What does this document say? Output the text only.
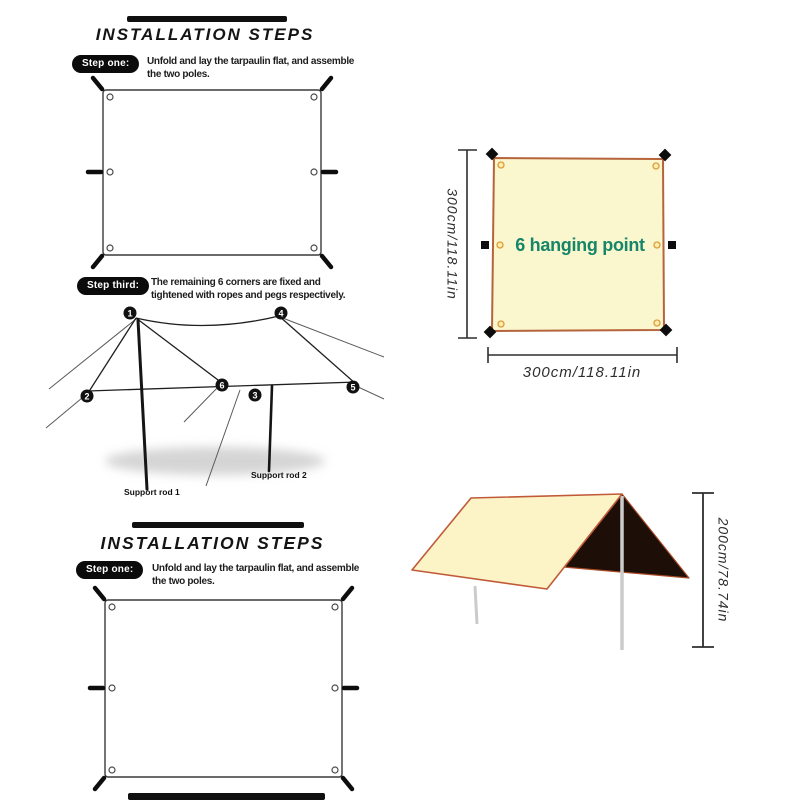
1
2	3
4
5
6
Support rod 1
Support rod 2
6 hanging point
300cm/118.11in
300cm/118.11in
200cm/78.74in
INSTALLATION STEPS
Step one:	Unfold and lay the tarpaulin flat, and assemble
the two poles.
Step third:	The remaining 6 corners are fixed and
tightened with ropes and pegs respectively.
INSTALLATION STEPS
Step one:	Unfold and lay the tarpaulin flat, and assemble
the two poles.
